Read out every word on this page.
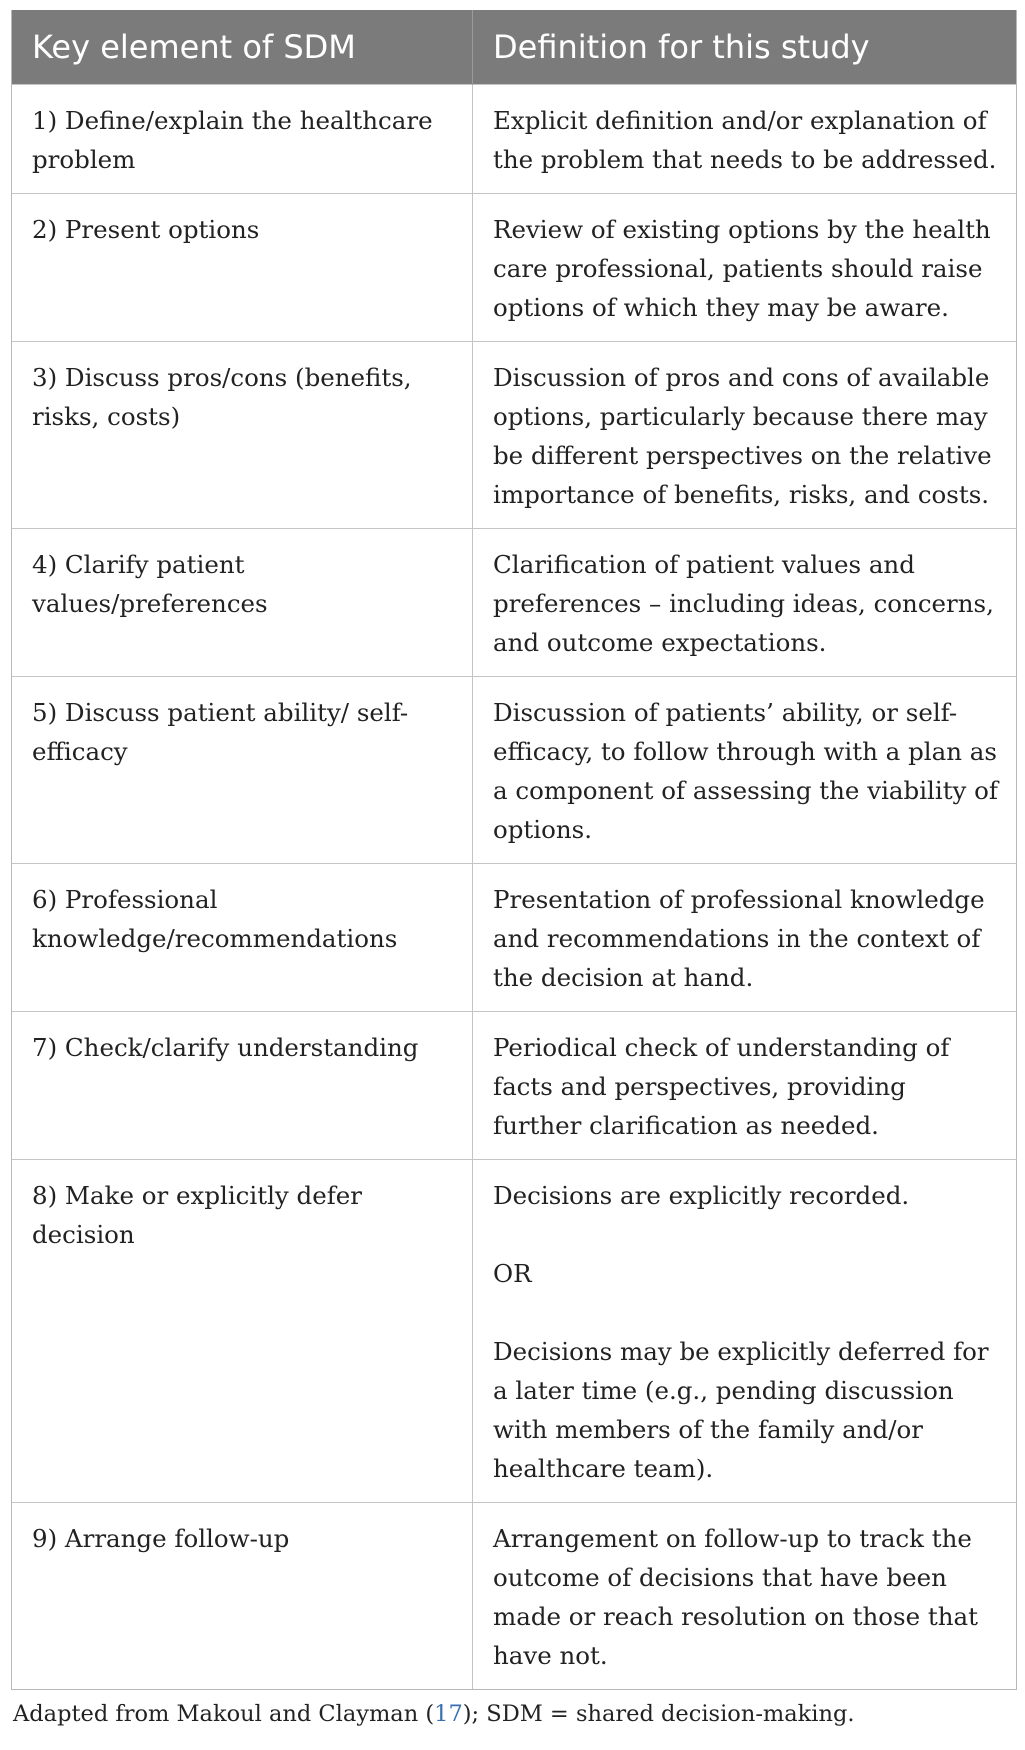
Key element of SDM	Definition for this study
1) Define/explain the healthcare problem	Explicit definition and/or explanation of the problem that needs to be addressed.

2) Present options	Review of existing options by the health care professional, patients should raise options of which they may be aware.

3) Discuss pros/cons (benefits, risks, costs)	Discussion of pros and cons of available options, particularly because there may be different perspectives on the relative importance of benefits, risks, and costs.

4) Clarify patient values/preferences	Clarification of patient values and preferences – including ideas, concerns, and outcome expectations.

5) Discuss patient ability/ self-efficacy	Discussion of patients’ ability, or self-efficacy, to follow through with a plan as a component of assessing the viability of options.

6) Professional knowledge/recommendations	Presentation of professional knowledge and recommendations in the context of the decision at hand.

7) Check/clarify understanding	Periodical check of understanding of facts and perspectives, providing further clarification as needed.

8) Make or explicitly defer decision	Decisions are explicitly recorded.

OR

Decisions may be explicitly deferred for a later time (e.g., pending discussion with members of the family and/or healthcare team).

9) Arrange follow-up	Arrangement on follow-up to track the outcome of decisions that have been made or reach resolution on those that have not.

Adapted from Makoul and Clayman (17); SDM = shared decision-making.
